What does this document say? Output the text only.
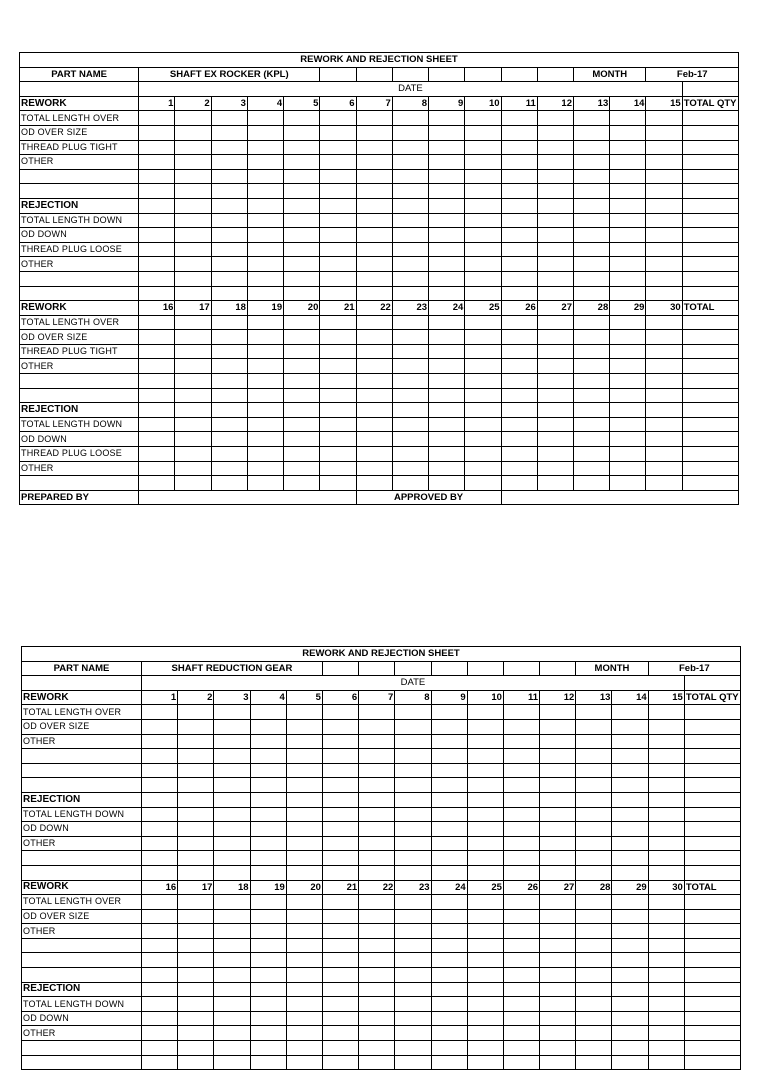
REWORK AND REJECTION SHEET																
PART NAME	SHAFT EX ROCKER (KPL)												MONTH		Feb-17	
	DATE															
REWORK	1	2	3	4	5	6	7	8	9	10	11	12	13	14	15	TOTAL QTY
TOTAL LENGTH OVER																
OD OVER SIZE																
THREAD PLUG TIGHT																
OTHER																

REJECTION																
TOTAL LENGTH DOWN																
OD DOWN																
THREAD PLUG LOOSE																
OTHER																

REWORK	16	17	18	19	20	21	22	23	24	25	26	27	28	29	30	TOTAL
TOTAL LENGTH OVER																
OD OVER SIZE																
THREAD PLUG TIGHT																
OTHER																

REJECTION																
TOTAL LENGTH DOWN																
OD DOWN																
THREAD PLUG LOOSE																
OTHER																

PREPARED BY							APPROVED BY									
REWORK AND REJECTION SHEET																
PART NAME	SHAFT REDUCTION GEAR												MONTH		Feb-17	
	DATE															
REWORK	1	2	3	4	5	6	7	8	9	10	11	12	13	14	15	TOTAL QTY
TOTAL LENGTH OVER																
OD OVER SIZE																
OTHER																

REJECTION																
TOTAL LENGTH DOWN																
OD DOWN																
OTHER																

REWORK	16	17	18	19	20	21	22	23	24	25	26	27	28	29	30	TOTAL
TOTAL LENGTH OVER																
OD OVER SIZE																
OTHER																

REJECTION																
TOTAL LENGTH DOWN																
OD DOWN																
OTHER																
